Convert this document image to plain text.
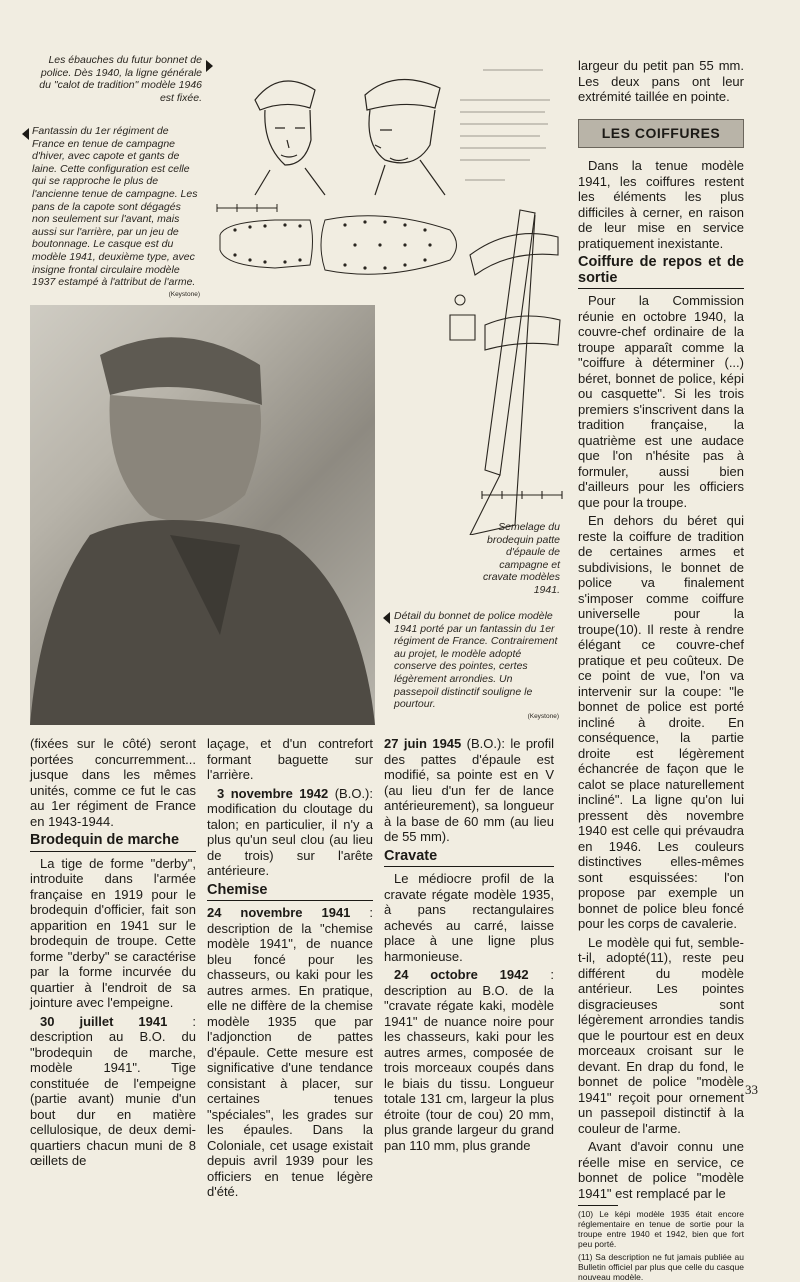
Les ébauches du futur bonnet de police. Dès 1940, la ligne générale du "calot de tradition" modèle 1946 est fixée.
Fantassin du 1er régiment de France en tenue de campagne d'hiver, avec capote et gants de laine. Cette configuration est celle qui se rapproche le plus de l'ancienne tenue de campagne. Les pans de la capote sont dégagés non seulement sur l'avant, mais aussi sur l'arrière, par un jeu de boutonnage. Le casque est du modèle 1941, deuxième type, avec insigne frontal circulaire modèle 1937 estampé à l'attribut de l'arme.
(Keystone)
Semelage du brodequin patte d'épaule de campagne et cravate modèles 1941.
Détail du bonnet de police modèle 1941 porté par un fantassin du 1er régiment de France. Contrairement au projet, le modèle adopté conserve des pointes, certes légèrement arrondies. Un passepoil distinctif souligne le pourtour.
(Keystone)

(fixées sur le côté) seront portées concurremment... jusque dans les mêmes unités, comme ce fut le cas au 1er régiment de France en 1943-1944.

Brodequin de marche

La tige de forme "derby", introduite dans l'armée française en 1919 pour le brodequin d'officier, fait son apparition en 1941 sur le brodequin de troupe. Cette forme "derby" se caractérise par la forme incurvée du quartier à l'endroit de sa jointure avec l'empeigne.

30 juillet 1941 : description au B.O. du "brodequin de marche, modèle 1941". Tige constituée de l'empeigne (partie avant) munie d'un bout dur en matière cellulosique, de deux demi-quartiers chacun muni de 8 œillets de

laçage, et d'un contrefort formant baguette sur l'arrière.

3 novembre 1942 (B.O.): modification du cloutage du talon; en particulier, il n'y a plus qu'un seul clou (au lieu de trois) sur l'arête antérieure.

Chemise

24 novembre 1941 : description de la "chemise modèle 1941", de nuance bleu foncé pour les chasseurs, ou kaki pour les autres armes. En pratique, elle ne diffère de la chemise modèle 1935 que par l'adjonction de pattes d'épaule. Cette mesure est significative d'une tendance consistant à placer, sur certaines tenues "spéciales", les grades sur les épaules. Dans la Coloniale, cet usage existait depuis avril 1939 pour les officiers en tenue légère d'été.

27 juin 1945 (B.O.): le profil des pattes d'épaule est modifié, sa pointe est en V (au lieu d'un fer de lance antérieurement), sa longueur à la base de 60 mm (au lieu de 55 mm).

Cravate

Le médiocre profil de la cravate régate modèle 1935, à pans rectangulaires achevés au carré, laisse place à une ligne plus harmonieuse.

24 octobre 1942 : description au B.O. de la "cravate régate kaki, modèle 1941" de nuance noire pour les chasseurs, kaki pour les autres armes, composée de trois morceaux coupés dans le biais du tissu. Longueur totale 131 cm, largeur la plus étroite (tour de cou) 20 mm, plus grande largeur du grand pan 110 mm, plus grande

largeur du petit pan 55 mm. Les deux pans ont leur extrémité taillée en pointe.

LES COIFFURES

Dans la tenue modèle 1941, les coiffures restent les éléments les plus difficiles à cerner, en raison de leur mise en service pratiquement inexistante.

Coiffure de repos et de sortie

Pour la Commission réunie en octobre 1940, la couvre-chef ordinaire de la troupe apparaît comme la "coiffure à déterminer (...) béret, bonnet de police, képi ou casquette". Si les trois premiers s'inscrivent dans la tradition française, la quatrième est une audace que l'on n'hésite pas à formuler, aussi bien d'ailleurs pour les officiers que pour la troupe.

En dehors du béret qui reste la coiffure de tradition de certaines armes et subdivisions, le bonnet de police va finalement s'imposer comme coiffure universelle pour la troupe(10). Il reste à rendre élégant ce couvre-chef pratique et peu coûteux. De ce point de vue, l'on va intervenir sur la coupe: "le bonnet de police est porté incliné à droite. En conséquence, la partie droite est légèrement échancrée de façon que le calot se place naturellement incliné". La ligne qu'on lui pressent dès novembre 1940 est celle qui prévaudra en 1946. Les couleurs distinctives elles-mêmes sont esquissées: l'on propose par exemple un bonnet de police bleu foncé pour les corps de cavalerie.

Le modèle qui fut, semble-t-il, adopté(11), reste peu différent du modèle antérieur. Les pointes disgracieuses sont légèrement arrondies tandis que le pourtour est en deux morceaux croisant sur le devant. En drap du fond, le bonnet de police "modèle 1941" reçoit pour ornement un passepoil distinctif à la couleur de l'arme.

Avant d'avoir connu une réelle mise en service, ce bonnet de police "modèle 1941" est remplacé par le

(10) Le képi modèle 1935 était encore réglementaire en tenue de sortie pour la troupe entre 1940 et 1942, bien que fort peu porté.
(11) Sa description ne fut jamais publiée au Bulletin officiel par plus que celle du casque nouveau modèle.
33
